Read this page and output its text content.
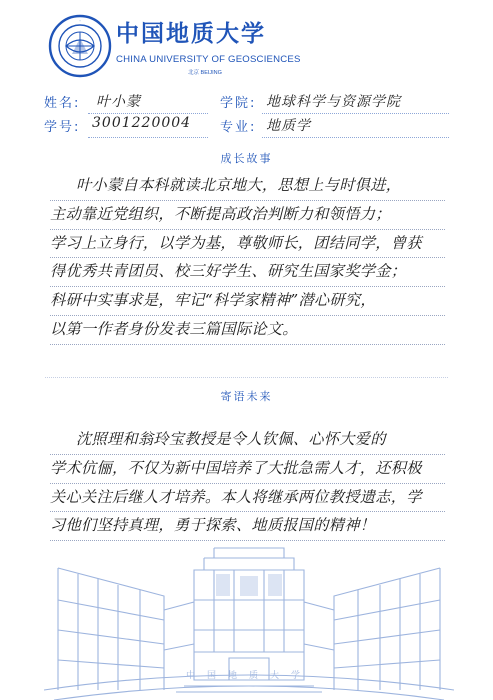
· 中国地质大学
CHINA UNIVERSITY OF GEOSCIENCES
北京 BEIJING
姓名: 叶小蒙	学院: 地球科学与资源学院
学号: 3001220004 专业: 地质学
成长故事
叶小蒙自本科就读北京地大，思想上与时俱进，
主动靠近党组织，不断提高政治判断力和领悟力；
学习上立身行，以学为基，尊敬师长，团结同学，曾获
得优秀共青团员、校三好学生、研究生国家奖学金；
科研中实事求是，牢记“科学家精神”潜心研究，
以第一作者身份发表三篇国际论文。
寄语未来
沈照理和翁玲宝教授是令人钦佩、心怀大爱的
学术伉俪，不仅为新中国培养了大批急需人才，还积极
关心关注后继人才培养。本人将继承两位教授遗志，学
习他们坚持真理，勇于探索、地质报国的精神！
中国地质大学
